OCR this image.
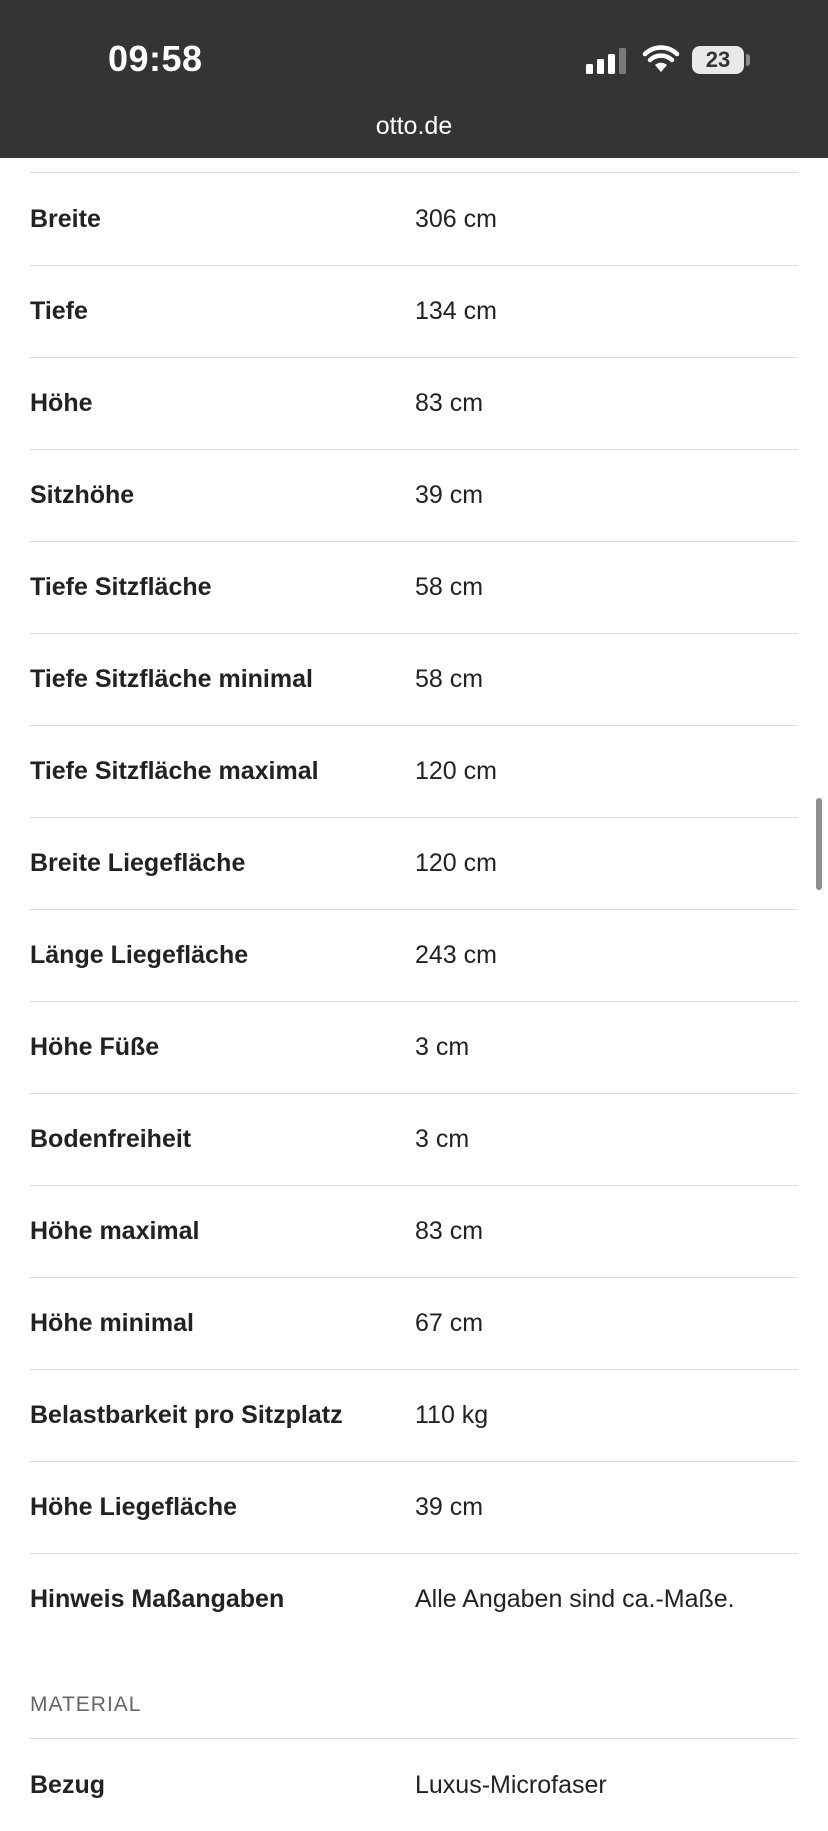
09:58	23
otto.de
Breite	306 cm
Tiefe	134 cm
Höhe	83 cm
Sitzhöhe	39 cm
Tiefe Sitzfläche	58 cm
Tiefe Sitzfläche minimal	58 cm
Tiefe Sitzfläche maximal	120 cm
Breite Liegefläche	120 cm
Länge Liegefläche	243 cm
Höhe Füße	3 cm
Bodenfreiheit	3 cm
Höhe maximal	83 cm
Höhe minimal	67 cm
Belastbarkeit pro Sitzplatz	110 kg
Höhe Liegefläche	39 cm
Hinweis Maßangaben	Alle Angaben sind ca.-Maße.
MATERIAL
Bezug	Luxus-Microfaser
